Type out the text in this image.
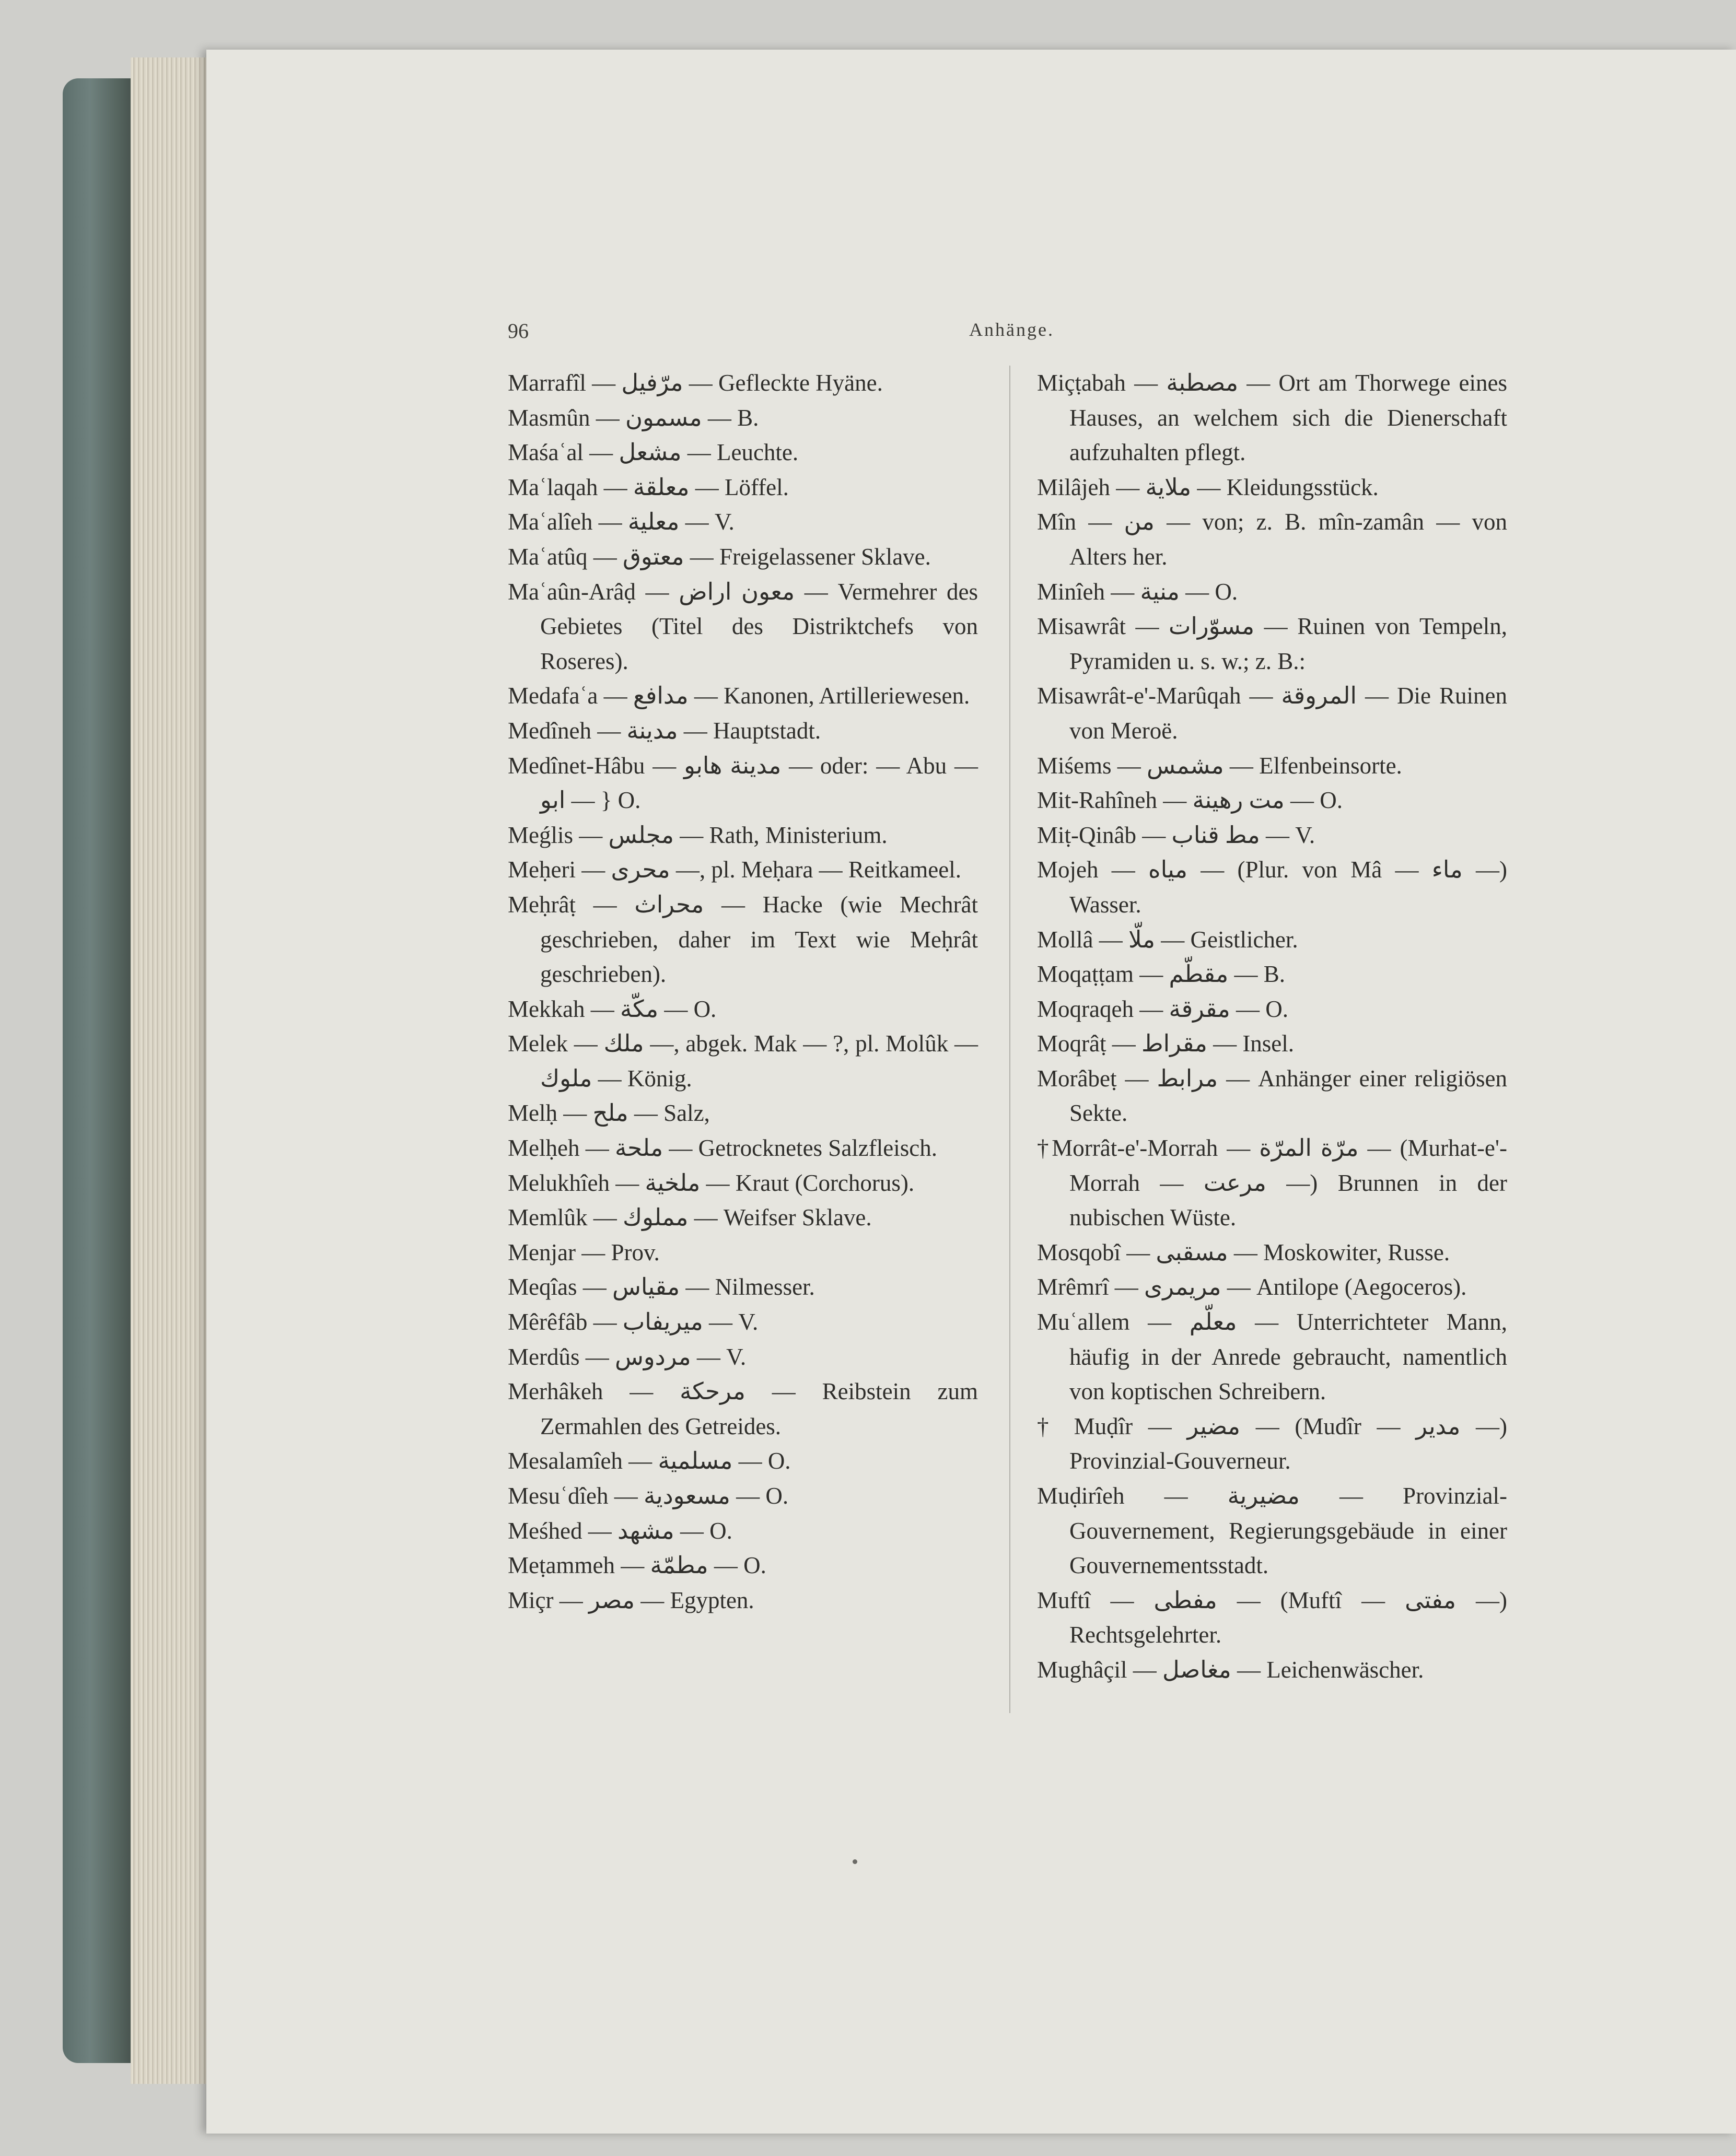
96	Anhänge.
Marrafîl — مرّفيل — Gefleckte Hyäne.
Masmûn — مسمون — B.
Maśaʿal — مشعل — Leuchte.
Maʿlaqah — معلقة — Löffel.
Maʿalîeh — معلية — V.
Maʿatûq — معتوق — Freigelassener Sklave.
Maʿaûn-Arâḍ — معون اراض — Vermehrer des Gebietes (Titel des Distriktchefs von Roseres).
Medafaʿa — مدافع — Kanonen, Artilleriewesen.
Medîneh — مدينة — Hauptstadt.
Medînet-Hâbu — مدينة هابو — oder: — Abu — ابو — } O.
Meǵlis — مجلس — Rath, Ministerium.
Meḥeri — محرى —, pl. Meḥara — Reitkameel.
Meḥrâṭ — محراث — Hacke (wie Mechrât geschrieben, daher im Text wie Meḥrât geschrieben).
Mekkah — مكّة — O.
Melek — ملك —, abgek. Mak — ?, pl. Molûk — ملوك — König.
Melḥ — ملح — Salz,
Melḥeh — ملحة — Getrocknetes Salzfleisch.
Melukhîeh — ملخية — Kraut (Corchorus).
Memlûk — مملوك — Weifser Sklave.
Menjar — Prov.
Meqîas — مقياس — Nilmesser.
Mêrêfâb — ميريفاب — V.
Merdûs — مردوس — V.
Merhâkeh — مرحكة — Reibstein zum Zermahlen des Getreides.
Mesalamîeh — مسلمية — O.
Mesuʿdîeh — مسعودية — O.
Meśhed — مشهد — O.
Meṭammeh — مطمّة — O.
Miçr — مصر — Egypten.
Miçṭabah — مصطبة — Ort am Thorwege eines Hauses, an welchem sich die Dienerschaft aufzuhalten pflegt.
Milâjeh — ملاية — Kleidungsstück.
Mîn — من — von; z. B. mîn-zamân — von Alters her.
Minîeh — منية — O.
Misawrât — مسوّرات — Ruinen von Tempeln, Pyramiden u. s. w.; z. B.:
Misawrât-e'-Marûqah — المروقة — Die Ruinen von Meroë.
Miśems — مشمس — Elfenbeinsorte.
Mit-Rahîneh — مت رهينة — O.
Miṭ-Qinâb — مط قناب — V.
Mojeh — مياه — (Plur. von Mâ — ماء —) Wasser.
Mollâ — ملّا — Geistlicher.
Moqaṭṭam — مقطّم — B.
Moqraqeh — مقرقة — O.
Moqrâṭ — مقراط — Insel.
Morâbeṭ — مرابط — Anhänger einer religiösen Sekte.
†Morrât-e'-Morrah — مرّة المرّة — (Murhat-e'-Morrah — مرعت —) Brunnen in der nubischen Wüste.
Mosqobî — مسقبى — Moskowiter, Russe.
Mrêmrî — مريمرى — Antilope (Aegoceros).
Muʿallem — معلّم — Unterrichteter Mann, häufig in der Anrede gebraucht, namentlich von koptischen Schreibern.
† Muḍîr — مضير — (Mudîr — مدير —) Provinzial-Gouverneur.
Muḍirîeh — مضيرية — Provinzial-Gouvernement, Regierungsgebäude in einer Gouvernementsstadt.
Muftî — مفطى — (Muftî — مفتى —) Rechtsgelehrter.
Mughâçil — مغاصل — Leichenwäscher.
